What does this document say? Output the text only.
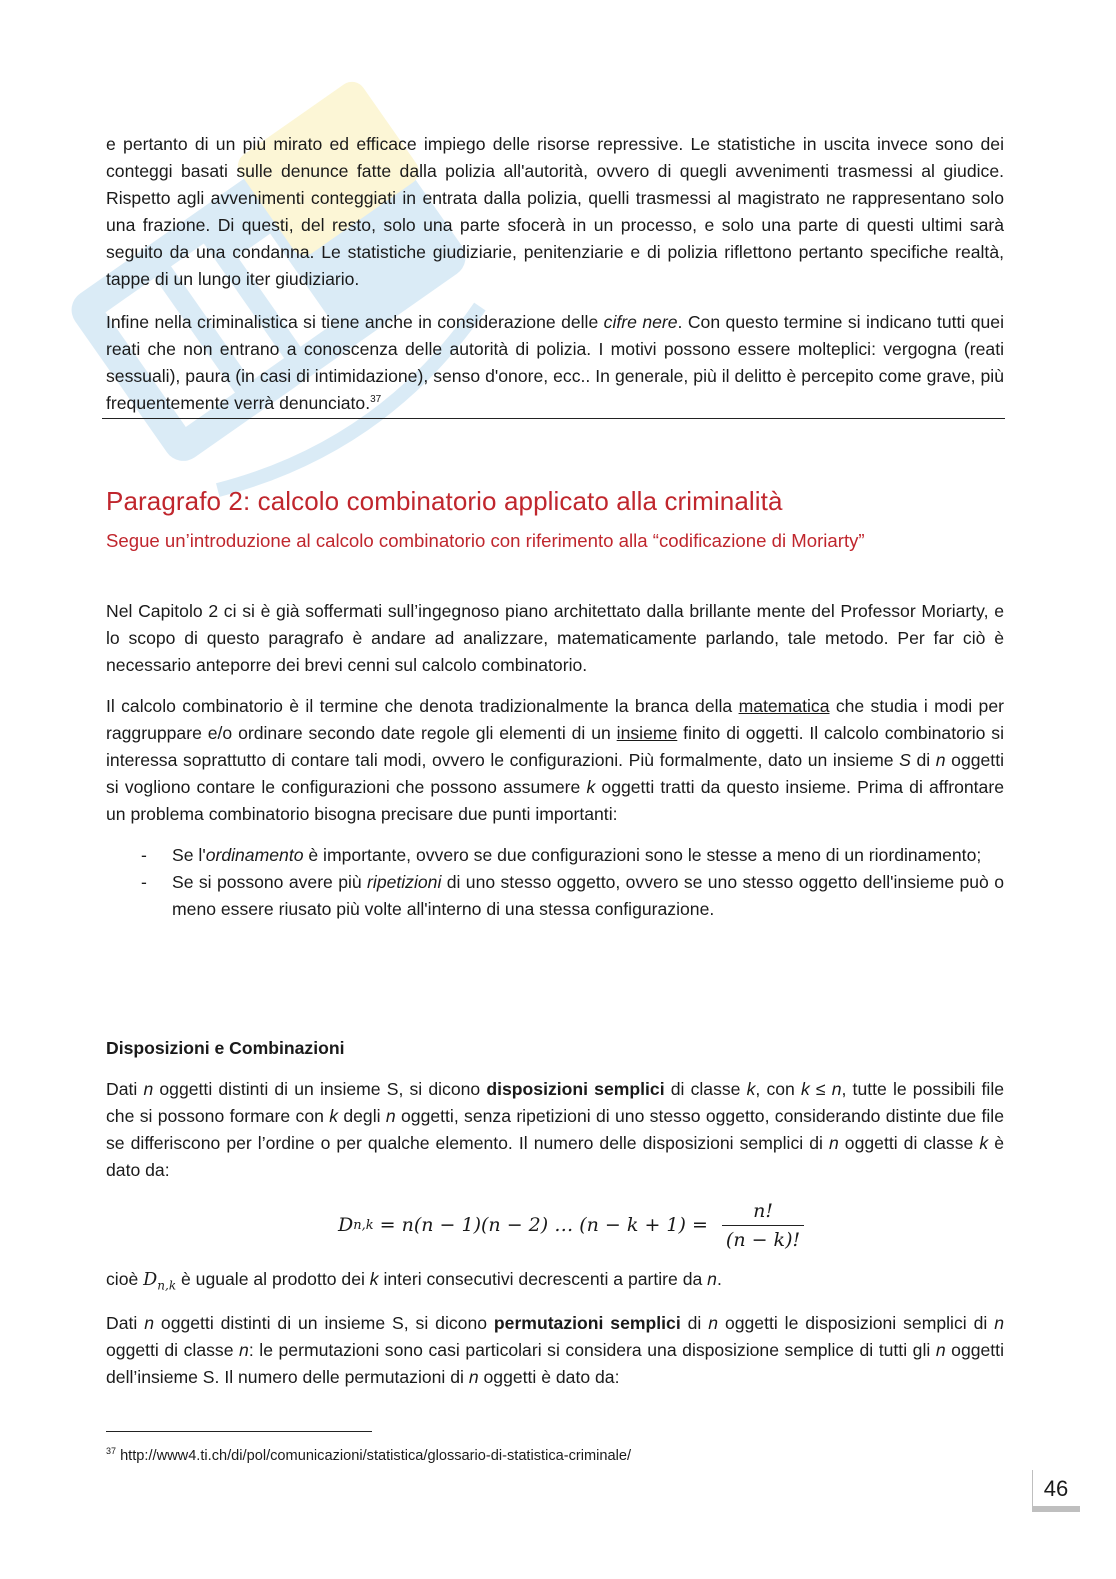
e pertanto di un più mirato ed efficace impiego delle risorse repressive. Le statistiche in uscita invece sono dei conteggi basati sulle denunce fatte dalla polizia all'autorità, ovvero di quegli avvenimenti trasmessi al giudice. Rispetto agli avvenimenti conteggiati in entrata dalla polizia, quelli trasmessi al magistrato ne rappresentano solo una frazione. Di questi, del resto, solo una parte sfocerà in un processo, e solo una parte di questi ultimi sarà seguito da una condanna. Le statistiche giudiziarie, penitenziarie e di polizia riflettono pertanto specifiche realtà, tappe di un lungo iter giudiziario.

Infine nella criminalistica si tiene anche in considerazione delle cifre nere. Con questo termine si indicano tutti quei reati che non entrano a conoscenza delle autorità di polizia. I motivi possono essere molteplici: vergogna (reati sessuali), paura (in casi di intimidazione), senso d'onore, ecc.. In generale, più il delitto è percepito come grave, più frequentemente verrà denunciato.$^{37}$

Paragrafo 2: calcolo combinatorio applicato alla criminalità
Segue un’introduzione al calcolo combinatorio con riferimento alla “codificazione di Moriarty”

Nel Capitolo 2 ci si è già soffermati sull’ingegnoso piano architettato dalla brillante mente del Professor Moriarty, e lo scopo di questo paragrafo è andare ad analizzare, matematicamente parlando, tale metodo. Per far ciò è necessario anteporre dei brevi cenni sul calcolo combinatorio.

Il calcolo combinatorio è il termine che denota tradizionalmente la branca della matematica che studia i modi per raggruppare e/o ordinare secondo date regole gli elementi di un insieme finito di oggetti. Il calcolo combinatorio si interessa soprattutto di contare tali modi, ovvero le configurazioni. Più formalmente, dato un insieme S di n oggetti si vogliono contare le configurazioni che possono assumere k oggetti tratti da questo insieme. Prima di affrontare un problema combinatorio bisogna precisare due punti importanti:

- Se l'ordinamento è importante, ovvero se due configurazioni sono le stesse a meno di un riordinamento;
- Se si possono avere più ripetizioni di uno stesso oggetto, ovvero se uno stesso oggetto dell'insieme può o meno essere riusato più volte all'interno di una stessa configurazione.
Disposizioni e Combinazioni

Dati n oggetti distinti di un insieme S, si dicono disposizioni semplici di classe k, con k ≤ n, tutte le possibili file che si possono formare con k degli n oggetti, senza ripetizioni di uno stesso oggetto, considerando distinte due file se differiscono per l’ordine o per qualche elemento. Il numero delle disposizioni semplici di n oggetti di classe k è dato da:

D n,k = n(n − 1)(n − 2) … $(n - k + 1) = \frac{n!}{(n - k)!}$

cioè $D_{n,k}$ è uguale al prodotto dei k interi consecutivi decrescenti a partire da n.

Dati n oggetti distinti di un insieme S, si dicono permutazioni semplici di n oggetti le disposizioni semplici di n oggetti di classe n: le permutazioni sono casi particolari si considera una disposizione semplice di tutti gli n oggetti dell’insieme S. Il numero delle permutazioni di n oggetti è dato da:

$^{37}$ http://www4.ti.ch/di/pol/comunicazioni/statistica/glossario-di-statistica-criminale/
46
